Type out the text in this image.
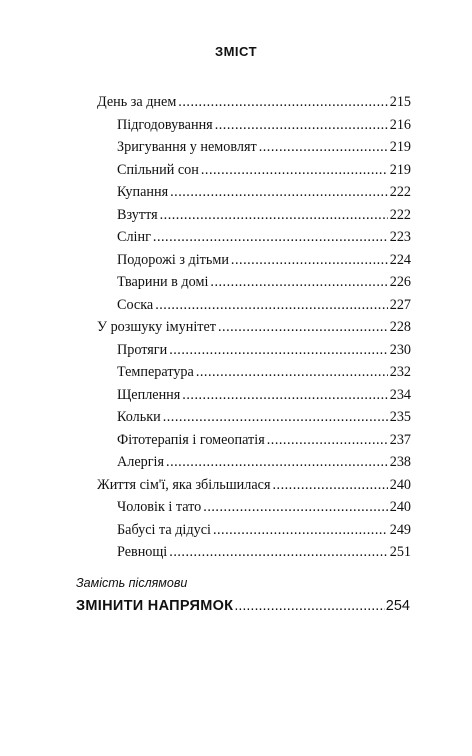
ЗМІСТ
День за днем .....	215
Підгодовування .....	216
Зригування у немовлят .....	219
Спільний сон .....	219
Купання .....	222
Взуття .....	222
Слінг .....	223
Подорожі з дітьми .....	224
Тварини в домі .....	226
Соска .....	227
У розшуку імунітет .....	228
Протяги .....	230
Температура .....	232
Щеплення .....	234
Кольки .....	235
Фітотерапія і гомеопатія .....	237
Алергія .....	238
Життя сім'ї, яка збільшилася .....	240
Чоловік і тато .....	240
Бабусі та дідусі .....	249
Ревнощі .....	251
Замість післямови
ЗМІНИТИ НАПРЯМОК .....	254
